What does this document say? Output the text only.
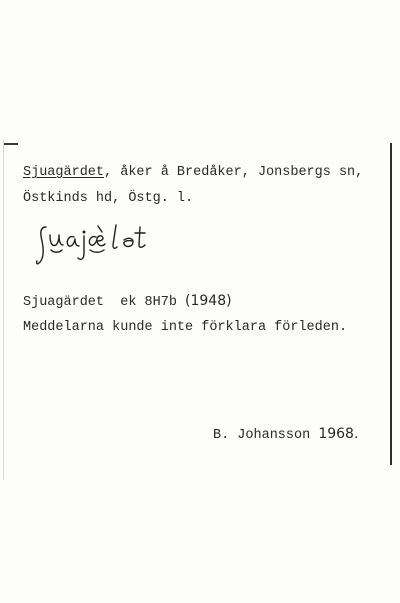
Sjuagärdet, åker å Bredåker, Jonsbergs sn,
Östkinds hd, Östg. l.
ʃu̯ajæ̞ːlət
Sjuagärdet  ek 8H7b (1948)
Meddelarna kunde inte förklara förleden.
B. Johansson 1968.
